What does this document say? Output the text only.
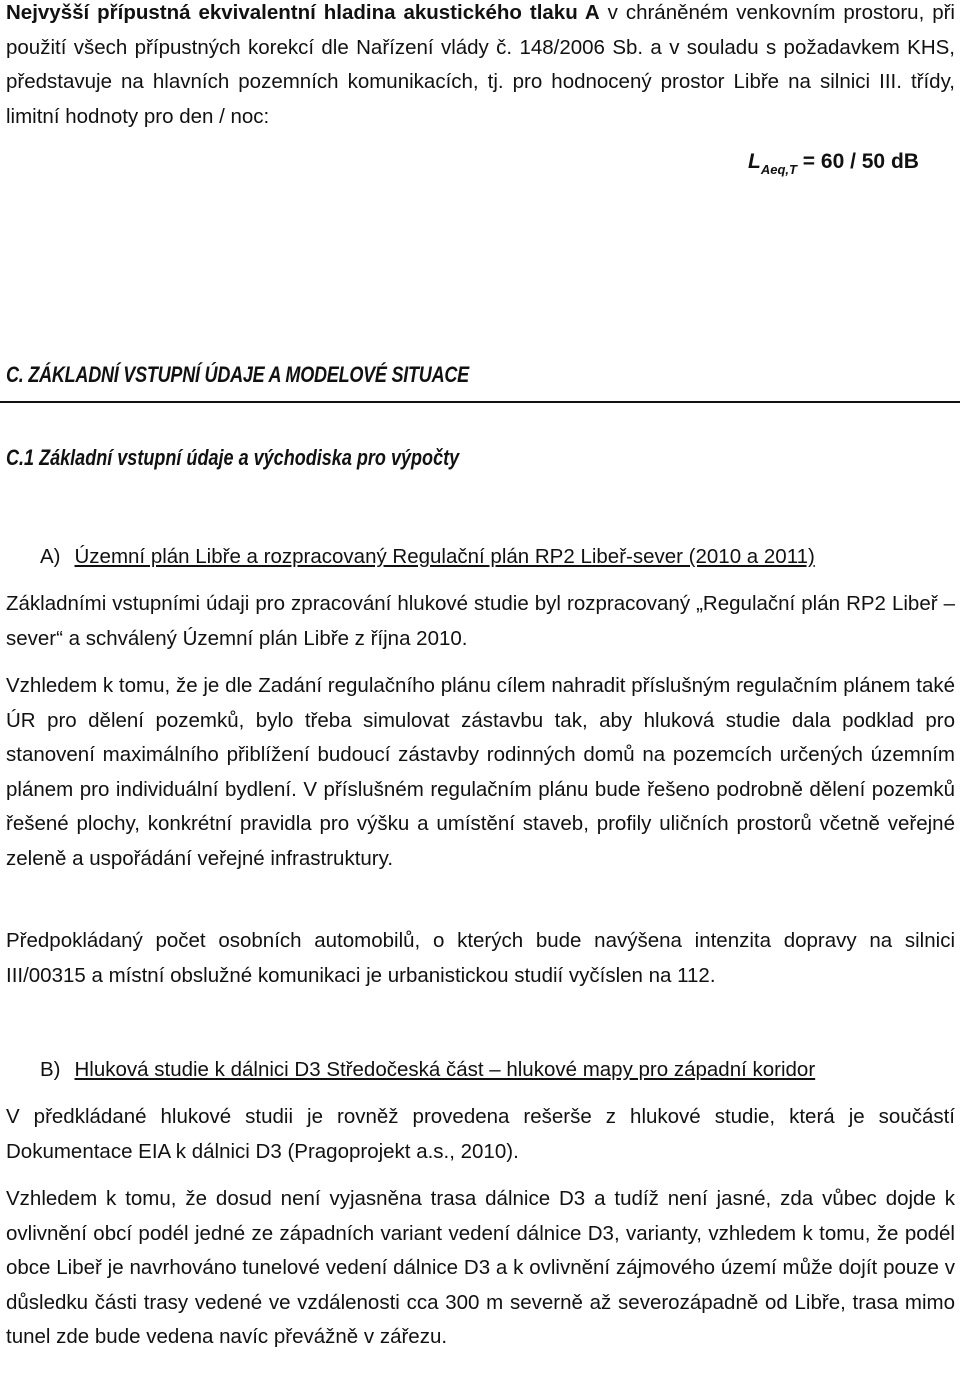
Nejvyšší přípustná ekvivalentní hladina akustického tlaku A v chráněném venkovním prostoru, při použití všech přípustných korekcí dle Nařízení vlády č. 148/2006 Sb. a v souladu s požadavkem KHS, představuje na hlavních pozemních komunikacích, tj. pro hodnocený prostor Libře na silnici III. třídy, limitní hodnoty pro den / noc:

$L_{Aeq,T} = 60 / 50$ dB
C. ZÁKLADNÍ VSTUPNÍ ÚDAJE A MODELOVÉ SITUACE
C.1 Základní vstupní údaje a východiska pro výpočty
A) Územní plán Libře a rozpracovaný Regulační plán RP2 Libeř-sever (2010 a 2011)

Základními vstupními údaji pro zpracování hlukové studie byl rozpracovaný „Regulační plán RP2 Libeř – sever“ a schválený Územní plán Libře z října 2010.

Vzhledem k tomu, že je dle Zadání regulačního plánu cílem nahradit příslušným regulačním plánem také ÚR pro dělení pozemků, bylo třeba simulovat zástavbu tak, aby hluková studie dala podklad pro stanovení maximálního přiblížení budoucí zástavby rodinných domů na pozemcích určených územním plánem pro individuální bydlení. V příslušném regulačním plánu bude řešeno podrobně dělení pozemků řešené plochy, konkrétní pravidla pro výšku a umístění staveb, profily uličních prostorů včetně veřejné zeleně a uspořádání veřejné infrastruktury.

Předpokládaný počet osobních automobilů, o kterých bude navýšena intenzita dopravy na silnici III/00315 a místní obslužné komunikaci je urbanistickou studií vyčíslen na 112.

B) Hluková studie k dálnici D3 Středočeská část – hlukové mapy pro západní koridor

V předkládané hlukové studii je rovněž provedena rešerše z hlukové studie, která je součástí Dokumentace EIA k dálnici D3 (Pragoprojekt a.s., 2010).

Vzhledem k tomu, že dosud není vyjasněna trasa dálnice D3 a tudíž není jasné, zda vůbec dojde k ovlivnění obcí podél jedné ze západních variant vedení dálnice D3, varianty, vzhledem k tomu, že podél obce Libeř je navrhováno tunelové vedení dálnice D3 a k ovlivnění zájmového území může dojít pouze v důsledku části trasy vedené ve vzdálenosti cca 300 m severně až severozápadně od Libře, trasa mimo tunel zde bude vedena navíc převážně v zářezu.
